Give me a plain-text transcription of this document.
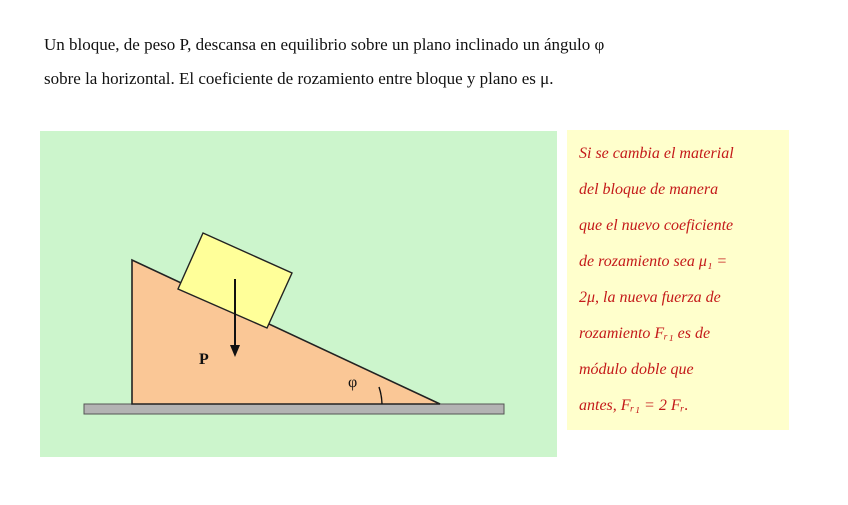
Un bloque, de peso P, descansa en equilibrio sobre un plano inclinado un ángulo φ

sobre la horizontal. El coeficiente de rozamiento entre bloque y plano es μ.

P
φ

Si se cambia el material

del bloque de manera

que el nuevo coeficiente

de rozamiento sea μ₁ =

2μ, la nueva fuerza de

rozamiento Fᵣ₁ es de

módulo doble que

antes, Fᵣ₁ = 2 Fᵣ.
